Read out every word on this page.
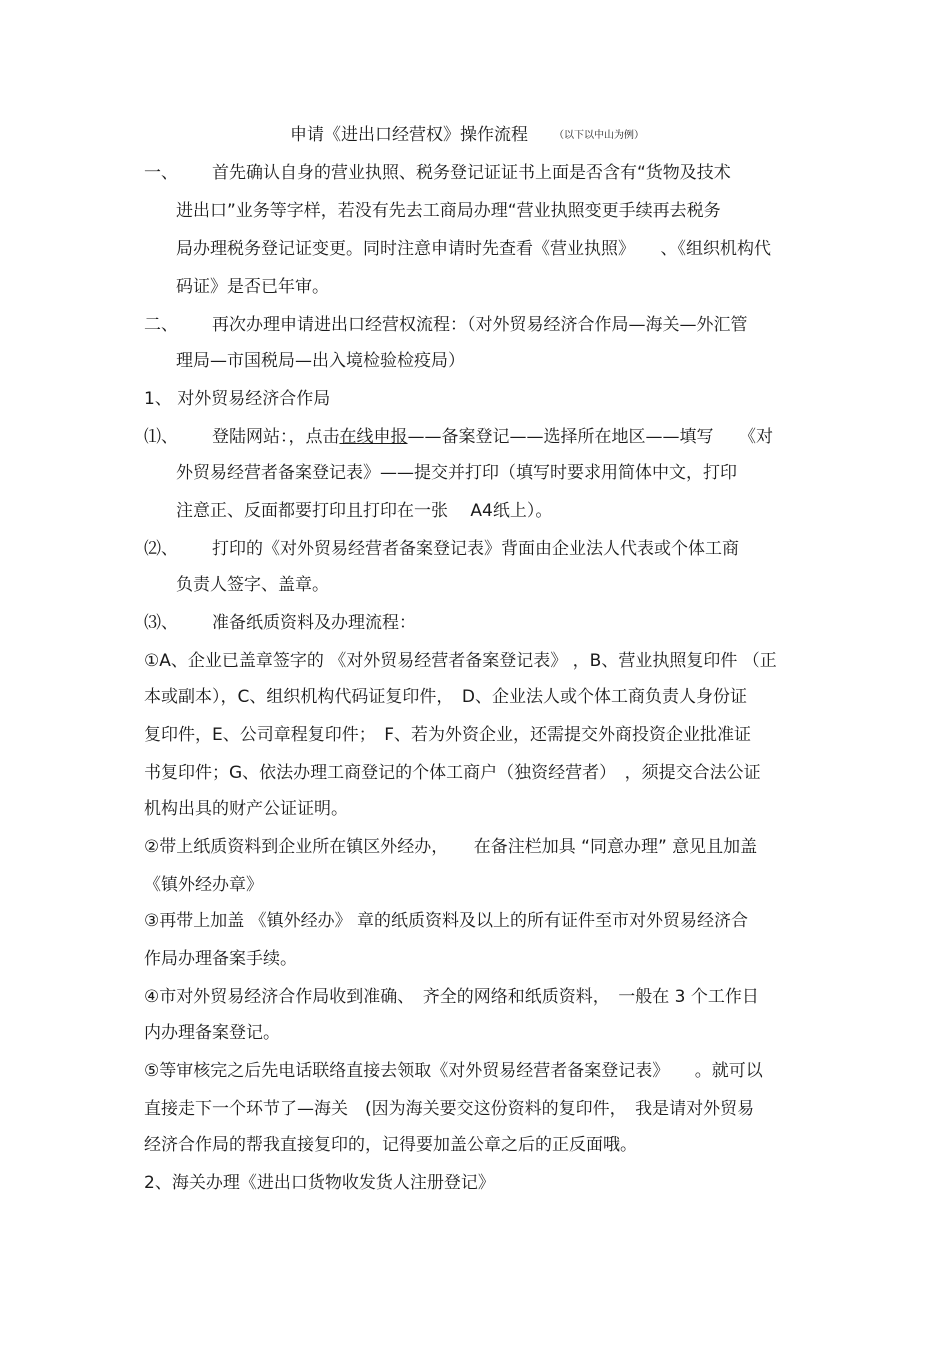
申请《进出口经营权》操作流程	（以下以中山为例）
一、 首先确认自身的营业执照、税务登记证证书上面是否含有“货物及技术
进出口”业务等字样，若没有先去工商局办理“营业执照变更手续再去税务
局办理税务登记证变更。同时注意申请时先查看《营业执照》　　、《组织机构代
码证》是否已年审。
二、 再次办理申请进出口经营权流程：（对外贸易经济合作局—海关—外汇管
理局—市国税局—出入境检验检疫局）
1、 对外贸易经济合作局
⑴、 登陆网站：，点击在线申报——备案登记——选择所在地区——填写　　《对
外贸易经营者备案登记表》——提交并打印（填写时要求用简体中文，打印
注意正、反面都要打印且打印在一张　 A4纸上）。
⑵、 打印的《对外贸易经营者备案登记表》背面由企业法人代表或个体工商
负责人签字、盖章。
⑶、 准备纸质资料及办理流程：
①A、企业已盖章签字的 《对外贸易经营者备案登记表》 ，B、营业执照复印件 （正
本或副本），C、组织机构代码证复印件，　D、企业法人或个体工商负责人身份证
复印件，E、公司章程复印件；　F、若为外资企业，还需提交外商投资企业批准证
书复印件；G、依法办理工商登记的个体工商户（独资经营者）　，须提交合法公证
机构出具的财产公证证明。
②带上纸质资料到企业所在镇区外经办，　　在备注栏加具 “同意办理” 意见且加盖
《镇外经办章》
③再带上加盖 《镇外经办》 章的纸质资料及以上的所有证件至市对外贸易经济合
作局办理备案手续。
④市对外贸易经济合作局收到准确、　齐全的网络和纸质资料，　一般在 3 个工作日
内办理备案登记。
⑤等审核完之后先电话联络直接去领取《对外贸易经营者备案登记表》　　。就可以
直接走下一个环节了—海关　(因为海关要交这份资料的复印件，　我是请对外贸易
经济合作局的帮我直接复印的，记得要加盖公章之后的正反面哦。
2、海关办理《进出口货物收发货人注册登记》
